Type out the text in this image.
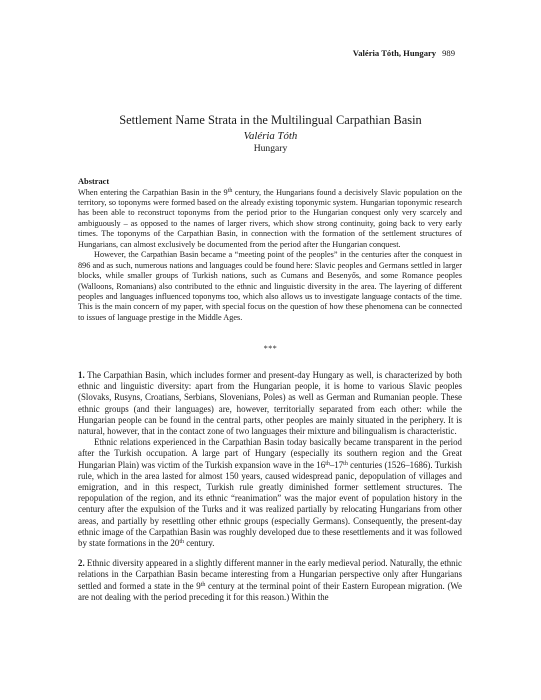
Valéria Tóth, Hungary 989
Settlement Name Strata in the Multilingual Carpathian Basin
Valéria Tóth
Hungary
Abstract

When entering the Carpathian Basin in the 9th century, the Hungarians found a decisively Slavic population on the territory, so toponyms were formed based on the already existing toponymic system. Hungarian toponymic research has been able to reconstruct toponyms from the period prior to the Hungarian conquest only very scarcely and ambiguously – as opposed to the names of larger rivers, which show strong continuity, going back to very early times. The toponyms of the Carpathian Basin, in connection with the formation of the settlement structures of Hungarians, can almost exclusively be documented from the period after the Hungarian conquest.

However, the Carpathian Basin became a “meeting point of the peoples” in the centuries after the conquest in 896 and as such, numerous nations and languages could be found here: Slavic peoples and Germans settled in larger blocks, while smaller groups of Turkish nations, such as Cumans and Besenyős, and some Romance peoples (Walloons, Romanians) also contributed to the ethnic and linguistic diversity in the area. The layering of different peoples and languages influenced toponyms too, which also allows us to investigate language contacts of the time. This is the main concern of my paper, with special focus on the question of how these phenomena can be connected to issues of language prestige in the Middle Ages.

***

1. The Carpathian Basin, which includes former and present-day Hungary as well, is characterized by both ethnic and linguistic diversity: apart from the Hungarian people, it is home to various Slavic peoples (Slovaks, Rusyns, Croatians, Serbians, Slovenians, Poles) as well as German and Rumanian people. These ethnic groups (and their languages) are, however, territorially separated from each other: while the Hungarian people can be found in the central parts, other peoples are mainly situated in the periphery. It is natural, however, that in the contact zone of two languages their mixture and bilingualism is characteristic.

Ethnic relations experienced in the Carpathian Basin today basically became transparent in the period after the Turkish occupation. A large part of Hungary (especially its southern region and the Great Hungarian Plain) was victim of the Turkish expansion wave in the 16th–17th centuries (1526–1686). Turkish rule, which in the area lasted for almost 150 years, caused widespread panic, depopulation of villages and emigration, and in this respect, Turkish rule greatly diminished former settlement structures. The repopulation of the region, and its ethnic “reanimation” was the major event of population history in the century after the expulsion of the Turks and it was realized partially by relocating Hungarians from other areas, and partially by resettling other ethnic groups (especially Germans). Consequently, the present-day ethnic image of the Carpathian Basin was roughly developed due to these resettlements and it was followed by state formations in the 20th century.

2. Ethnic diversity appeared in a slightly different manner in the early medieval period. Naturally, the ethnic relations in the Carpathian Basin became interesting from a Hungarian perspective only after Hungarians settled and formed a state in the 9th century at the terminal point of their Eastern European migration. (We are not dealing with the period preceding it for this reason.) Within the
